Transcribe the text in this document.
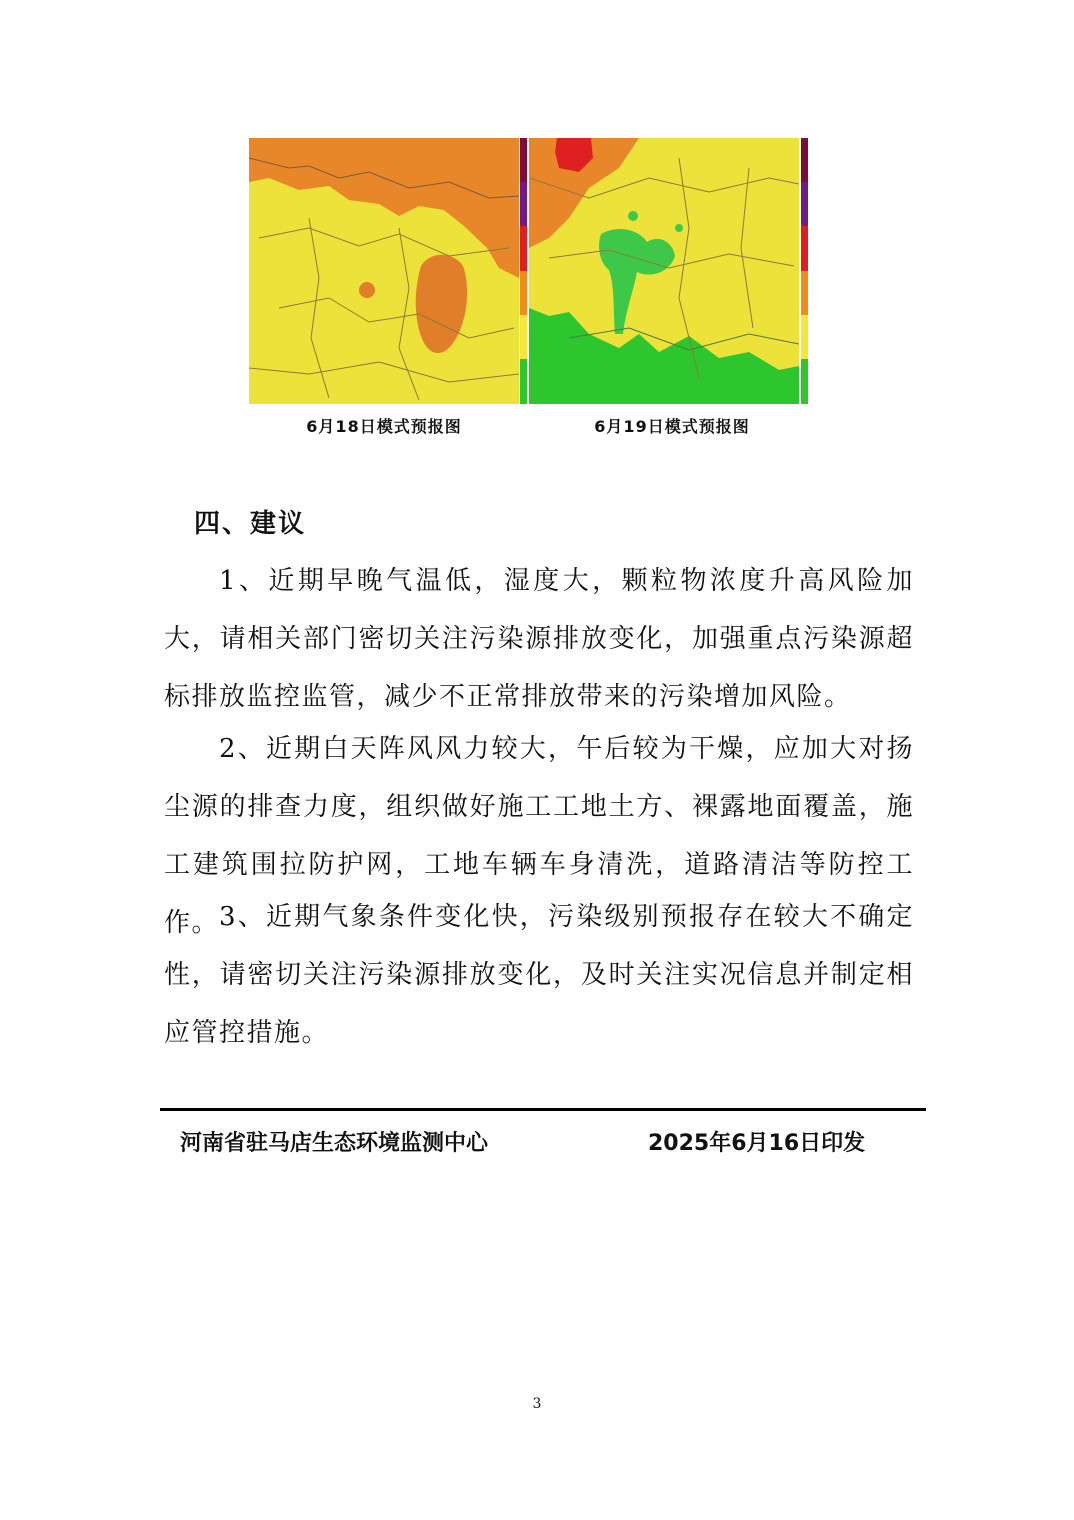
6月18日模式预报图	6月19日模式预报图
四、建议
1、近期早晚气温低，湿度大，颗粒物浓度升高风险加大，请相关部门密切关注污染源排放变化，加强重点污染源超标排放监控监管，减少不正常排放带来的污染增加风险。
2、近期白天阵风风力较大，午后较为干燥，应加大对扬尘源的排查力度，组织做好施工工地土方、裸露地面覆盖，施工建筑围拉防护网，工地车辆车身清洗，道路清洁等防控工作。 3、近期气象条件变化快，污染级别预报存在较大不确定性，请密切关注污染源排放变化，及时关注实况信息并制定相应管控措施。
河南省驻马店生态环境监测中心	2025年6月16日印发
3
